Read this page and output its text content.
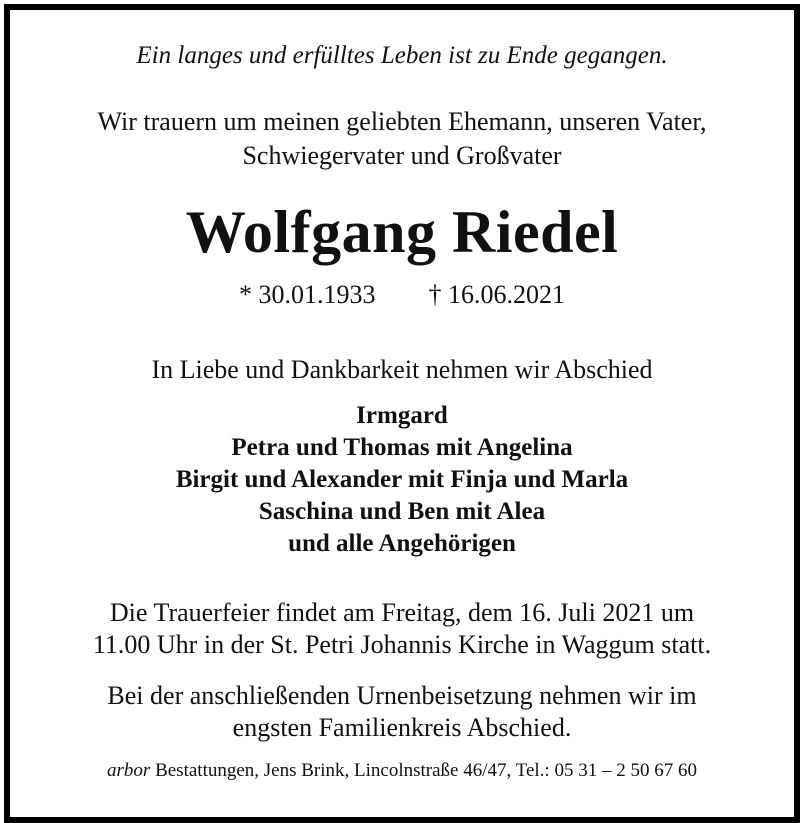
Ein langes und erfülltes Leben ist zu Ende gegangen.
Wir trauern um meinen geliebten Ehemann, unseren Vater,
Schwiegervater und Großvater
Wolfgang Riedel
* 30.01.1933 † 16.06.2021
In Liebe und Dankbarkeit nehmen wir Abschied
Irmgard
Petra und Thomas mit Angelina
Birgit und Alexander mit Finja und Marla
Saschina und Ben mit Alea
und alle Angehörigen
Die Trauerfeier findet am Freitag, dem 16. Juli 2021 um
11.00 Uhr in der St. Petri Johannis Kirche in Waggum statt.
Bei der anschließenden Urnenbeisetzung nehmen wir im
engsten Familienkreis Abschied.
arbor Bestattungen, Jens Brink, Lincolnstraße 46/47, Tel.: 05 31 – 2 50 67 60
